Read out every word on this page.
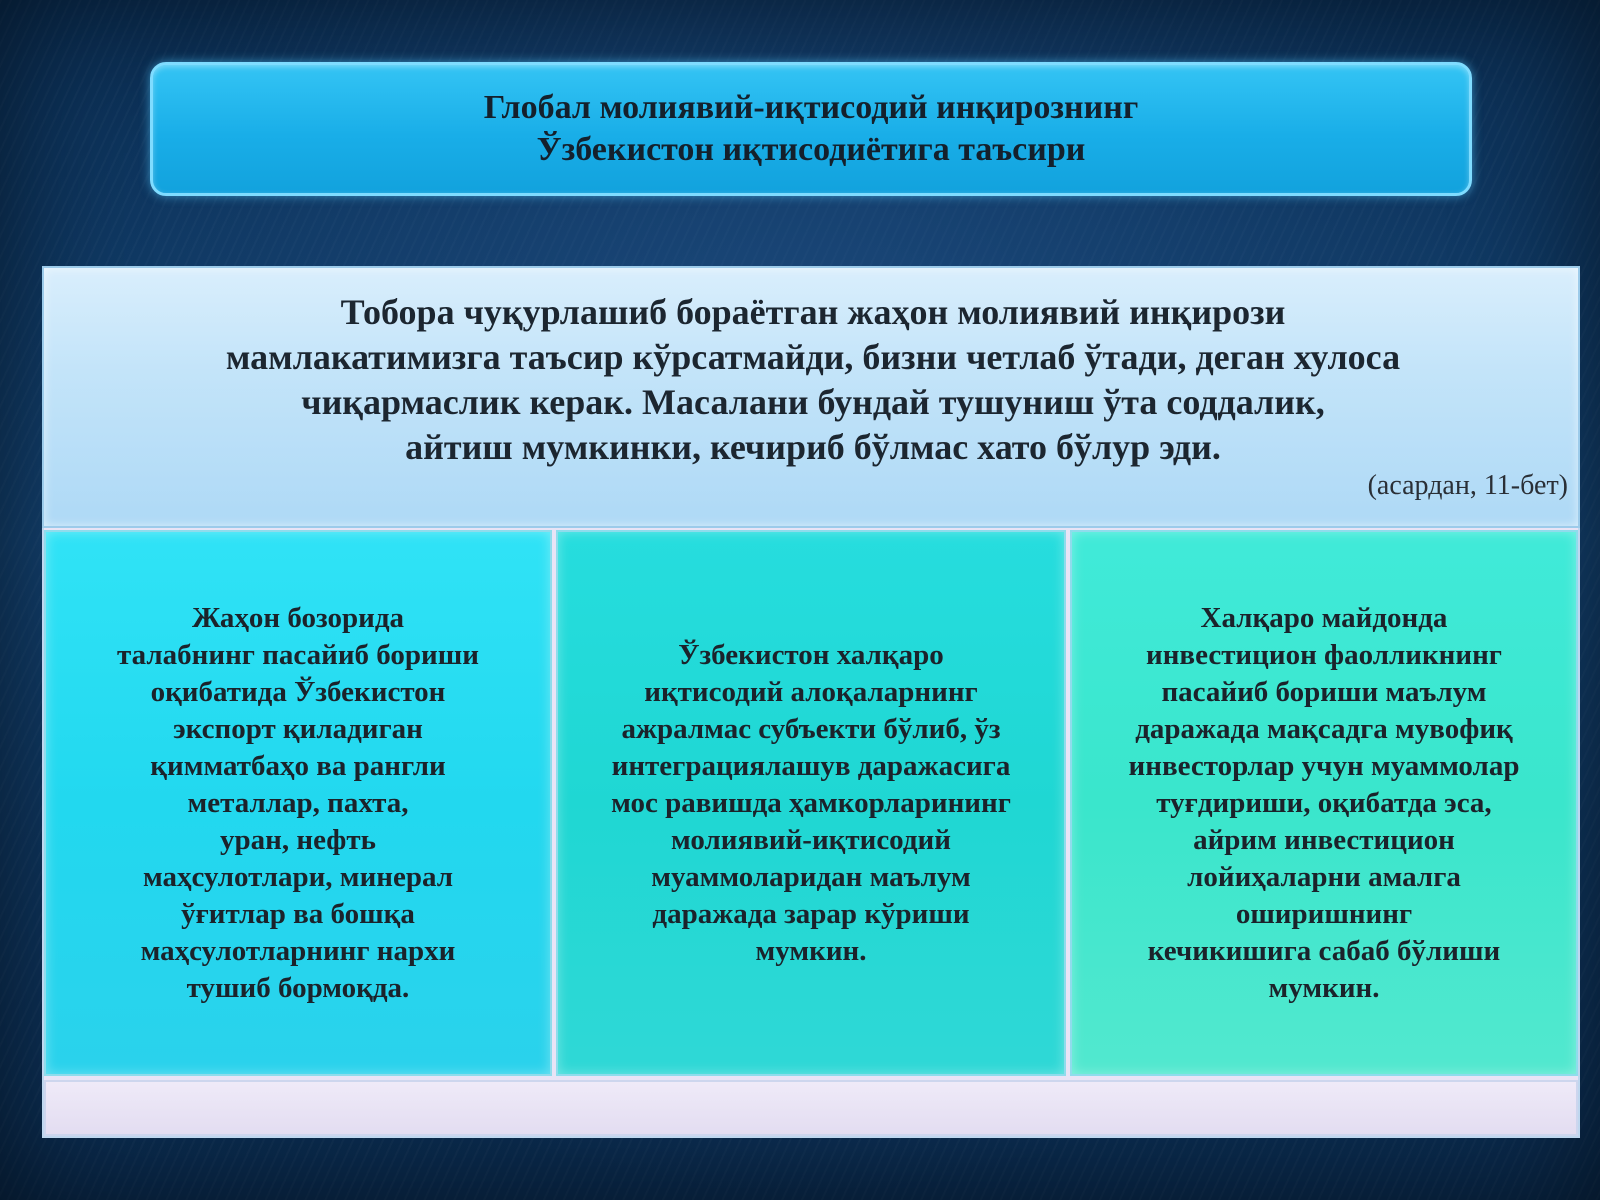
Глобал молиявий-иқтисодий инқирознинг
Ўзбекистон иқтисодиётига таъсири
Тобора чуқурлашиб бораётган жаҳон молиявий инқирози
мамлакатимизга таъсир кўрсатмайди, бизни четлаб ўтади, деган хулоса
чиқармаслик керак. Масалани бундай тушуниш ўта соддалик,
айтиш мумкинки, кечириб бўлмас хато бўлур эди.
(асардан, 11-бет)
Жаҳон бозорида
талабнинг пасайиб бориши
oқибатида Ўзбекистон
экспорт қиладиган
қимматбаҳо ва рангли
металлар, пахта,
уран, нефть
маҳсулотлари, минерал
ўғитлар ва бошқа
маҳсулотларнинг нархи
тушиб бормоқда.
Ўзбекистон халқаро
иқтисодий алоқаларнинг
ажралмас субъекти бўлиб, ўз
интеграциялашув даражасига
мос равишда ҳамкорларининг
молиявий-иқтисодий
муаммоларидан маълум
даражада зарар кўриши
мумкин.
Халқаро майдонда
инвестицион фаолликнинг
пасайиб бориши маълум
даражада мақсадга мувофиқ
инвесторлар учун муаммолар
туғдириши, оқибатда эса,
айрим инвестицион
лойиҳаларни амалга
оширишнинг
кечикишига сабаб бўлиши
мумкин.
